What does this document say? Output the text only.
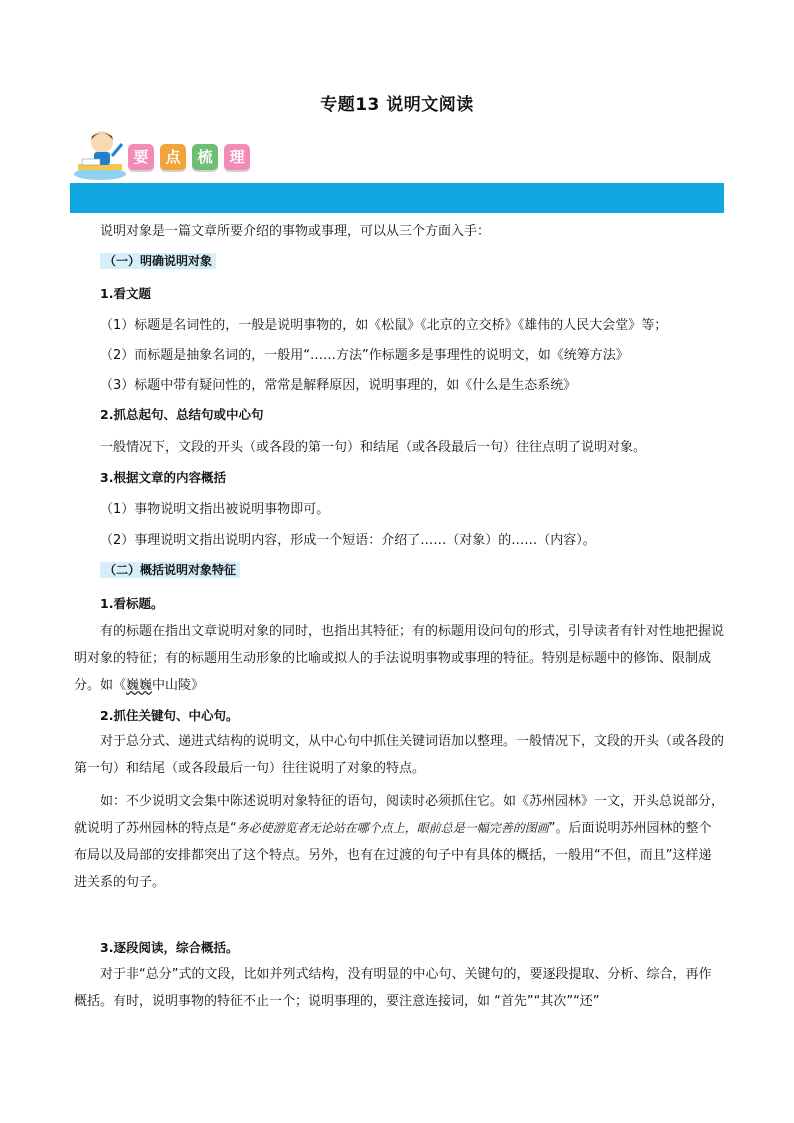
专题13 说明文阅读
要	点	梳	理
说明对象是一篇文章所要介绍的事物或事理，可以从三个方面入手：
（一）明确说明对象
1.看文题
（1）标题是名词性的，一般是说明事物的，如《松鼠》《北京的立交桥》《雄伟的人民大会堂》等；
（2）而标题是抽象名词的，一般用“……方法”作标题多是事理性的说明文，如《统筹方法》
（3）标题中带有疑问性的，常常是解释原因，说明事理的，如《什么是生态系统》
2.抓总起句、总结句或中心句
一般情况下，文段的开头（或各段的第一句）和结尾（或各段最后一句）往往点明了说明对象。
3.根据文章的内容概括
（1）事物说明文指出被说明事物即可。
（2）事理说明文指出说明内容，形成一个短语：介绍了……（对象）的……（内容）。
（二）概括说明对象特征
1.看标题。
有的标题在指出文章说明对象的同时，也指出其特征；有的标题用设问句的形式，引导读者有针对性地把握说明对象的特征；有的标题用生动形象的比喻或拟人的手法说明事物或事理的特征。特别是标题中的修饰、限制成分。如《巍巍中山陵》
2.抓住关键句、中心句。
对于总分式、递进式结构的说明文，从中心句中抓住关键词语加以整理。一般情况下，文段的开头（或各段的第一句）和结尾（或各段最后一句）往往说明了对象的特点。
如：不少说明文会集中陈述说明对象特征的语句，阅读时必须抓住它。如《苏州园林》一文，开头总说部分，就说明了苏州园林的特点是“务必使游览者无论站在哪个点上，眼前总是一幅完善的图画”。后面说明苏州园林的整个布局以及局部的安排都突出了这个特点。另外，也有在过渡的句子中有具体的概括，一般用“不但，而且”这样递进关系的句子。
3.逐段阅读，综合概括。
对于非“总分”式的文段，比如并列式结构，没有明显的中心句、关键句的，要逐段提取、分析、综合，再作概括。有时，说明事物的特征不止一个；说明事理的，要注意连接词，如 “首先”“其次”“还”
